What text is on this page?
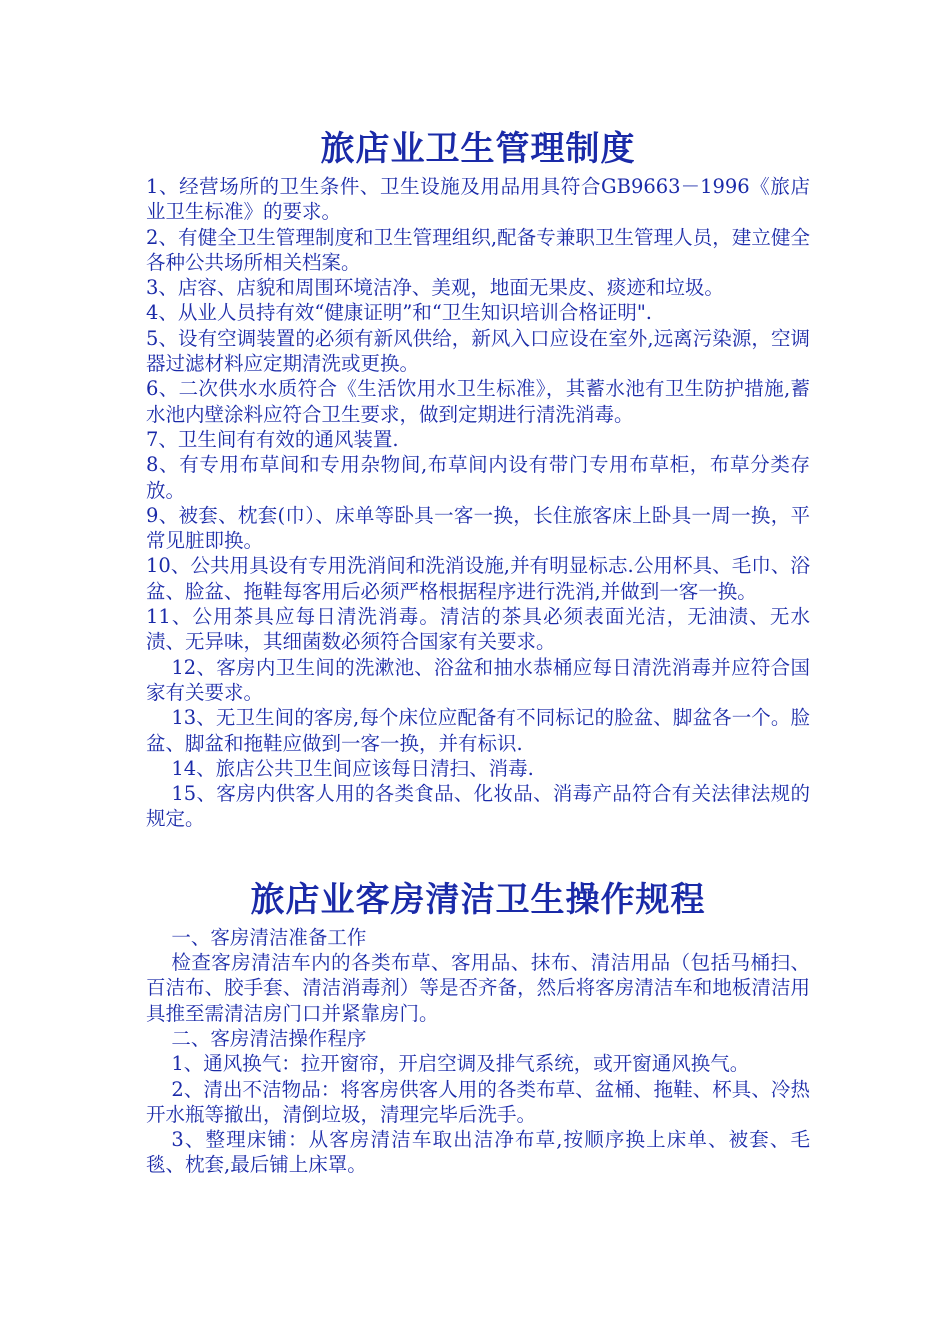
旅店业卫生管理制度

1、经营场所的卫生条件、卫生设施及用品用具符合GB9663－1996《旅店业卫生标准》的要求。

2、有健全卫生管理制度和卫生管理组织,配备专兼职卫生管理人员，建立健全各种公共场所相关档案。

3、店容、店貌和周围环境洁净、美观，地面无果皮、痰迹和垃圾。

4、从业人员持有效“健康证明”和“卫生知识培训合格证明".

5、设有空调装置的必须有新风供给，新风入口应设在室外,远离污染源，空调器过滤材料应定期清洗或更换。

6、二次供水水质符合《生活饮用水卫生标准》，其蓄水池有卫生防护措施,蓄水池内壁涂料应符合卫生要求，做到定期进行清洗消毒。

7、卫生间有有效的通风装置.

8、有专用布草间和专用杂物间,布草间内设有带门专用布草柜，布草分类存放。

9、被套、枕套(巾）、床单等卧具一客一换，长住旅客床上卧具一周一换，平常见脏即换。

10、公共用具设有专用洗消间和洗消设施,并有明显标志.公用杯具、毛巾、浴盆、脸盆、拖鞋每客用后必须严格根据程序进行洗消,并做到一客一换。

11、公用茶具应每日清洗消毒。清洁的茶具必须表面光洁，无油渍、无水渍、无异味，其细菌数必须符合国家有关要求。

12、客房内卫生间的洗漱池、浴盆和抽水恭桶应每日清洗消毒并应符合国家有关要求。

13、无卫生间的客房,每个床位应配备有不同标记的脸盆、脚盆各一个。脸盆、脚盆和拖鞋应做到一客一换，并有标识.

14、旅店公共卫生间应该每日清扫、消毒.

15、客房内供客人用的各类食品、化妆品、消毒产品符合有关法律法规的规定。

旅店业客房清洁卫生操作规程

一、客房清洁准备工作

检查客房清洁车内的各类布草、客用品、抹布、清洁用品（包括马桶扫、百洁布、胶手套、清洁消毒剂）等是否齐备，然后将客房清洁车和地板清洁用具推至需清洁房门口并紧靠房门。

二、客房清洁操作程序

1、通风换气：拉开窗帘，开启空调及排气系统，或开窗通风换气。

2、清出不洁物品：将客房供客人用的各类布草、盆桶、拖鞋、杯具、冷热开水瓶等撤出，清倒垃圾，清理完毕后洗手。

3、整理床铺：从客房清洁车取出洁净布草,按顺序换上床单、被套、毛毯、枕套,最后铺上床罩。
